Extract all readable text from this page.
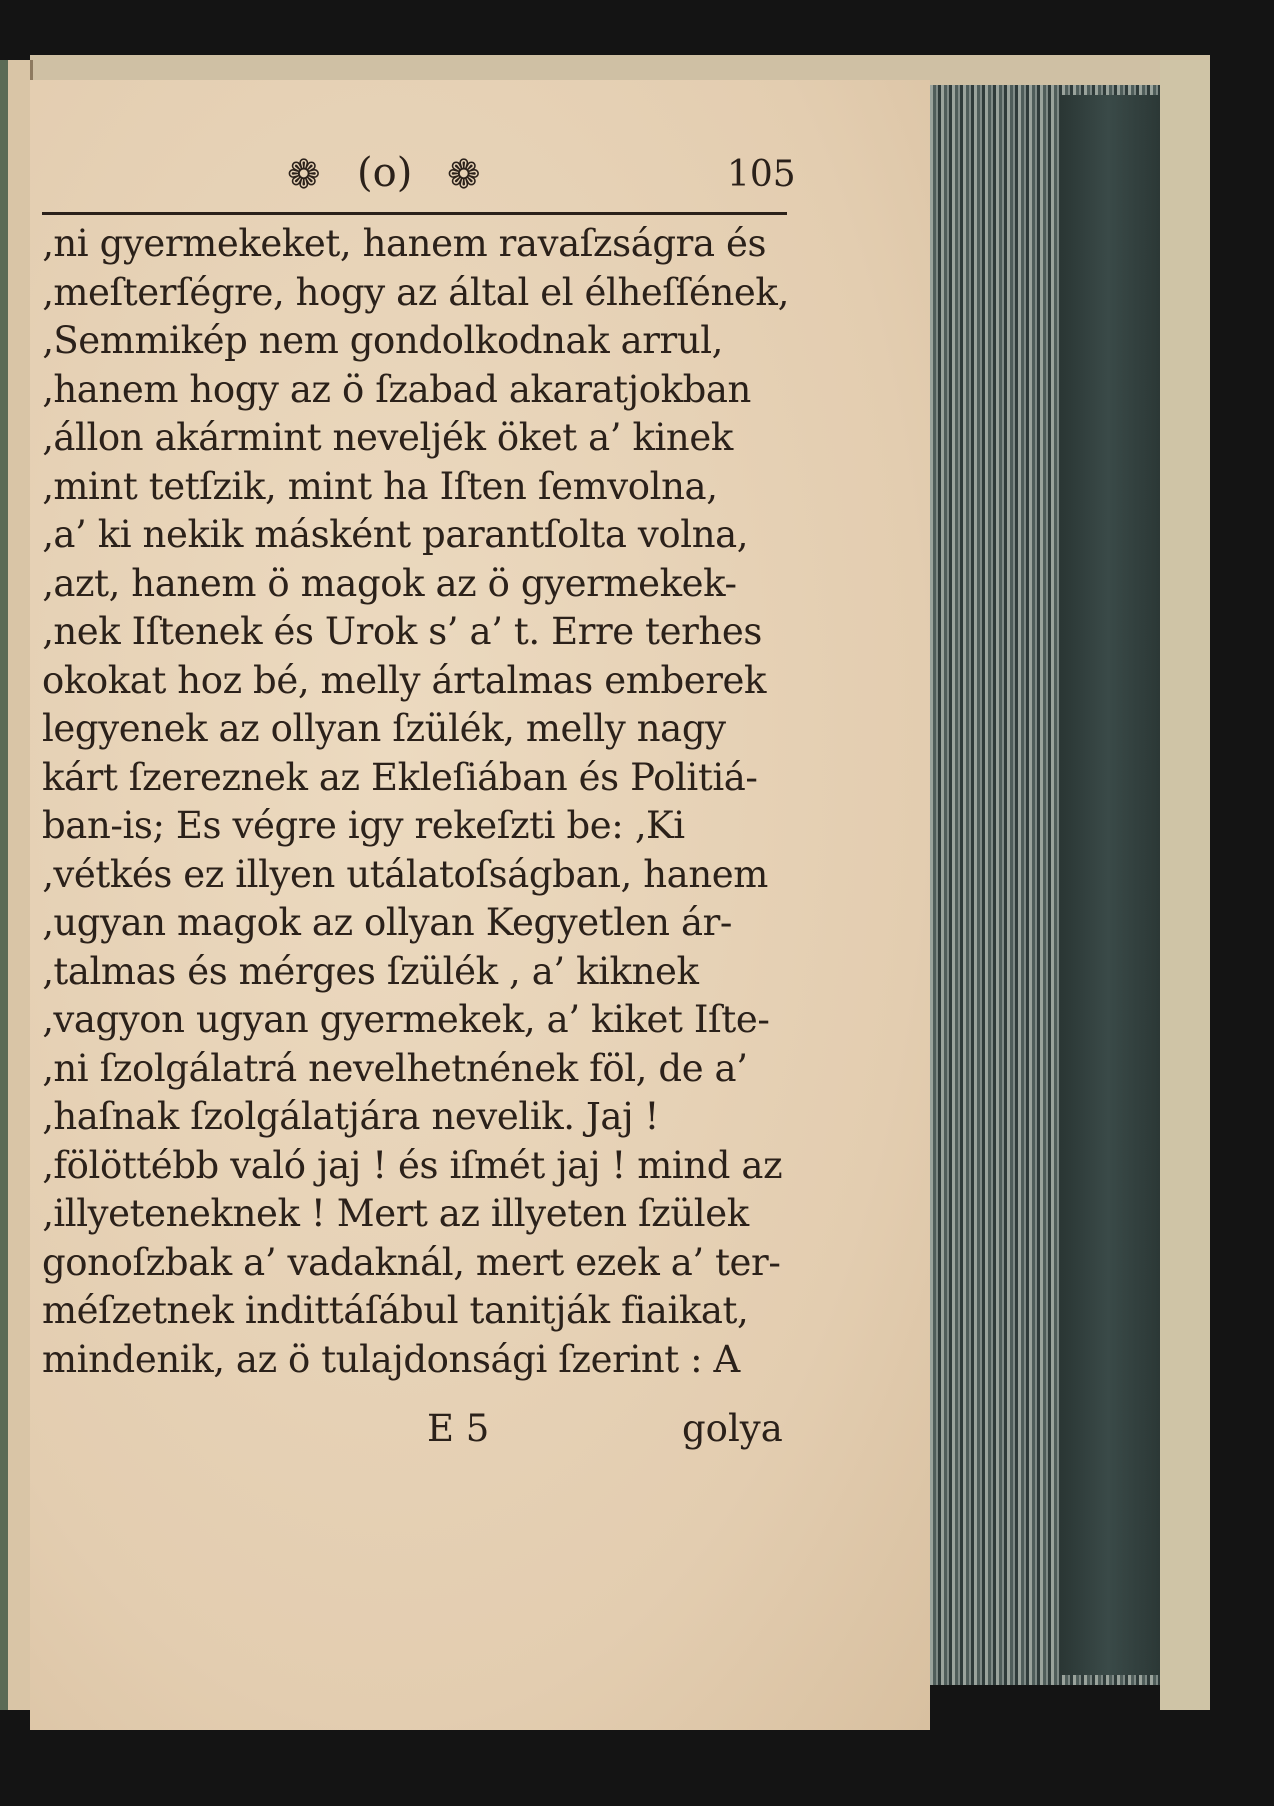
❁ (o) ❁	105
‚ni gyermekeket, hanem ravaſzságra és
‚meſterſégre, hogy az által el élheſſének‚
‚Semmikép nem gondolkodnak arrul,
‚hanem hogy az ö ſzabad akaratjokban
‚állon akármint neveljék öket a’ kinek
‚mint tetſzik, mint ha Iſten ſemvolna,
‚a’ ki nekik másként parantſolta volna,
‚azt, hanem ö magok az ö gyermekek-
‚nek Iſtenek és Urok s’ a’ t. Erre terhes
okokat hoz bé, melly ártalmas emberek
legyenek az ollyan ſzülék, melly nagy
kárt ſzereznek az Ekleſiában és Politiá-
ban-is; Es végre igy rekeſzti be: ‚Ki
‚vétkés ez illyen utálatoſságban, hanem
‚ugyan magok az ollyan Kegyetlen ár-
‚talmas és mérges ſzülék , a’ kiknek
‚vagyon ugyan gyermekek, a’ kiket Iſte-
‚ni ſzolgálatrá nevelhetnének föl, de a’
‚haſnak ſzolgálatjára nevelik. Jaj !
‚fölöttébb való jaj ! és iſmét jaj ! mind az
‚illyeteneknek ! Mert az illyeten ſzülek
gonoſzbak a’ vadaknál, mert ezek a’ ter-
méſzetnek indittáſábul tanitják fiaikat,
mindenik, az ö tulajdonsági ſzerint : A
E 5	golya
